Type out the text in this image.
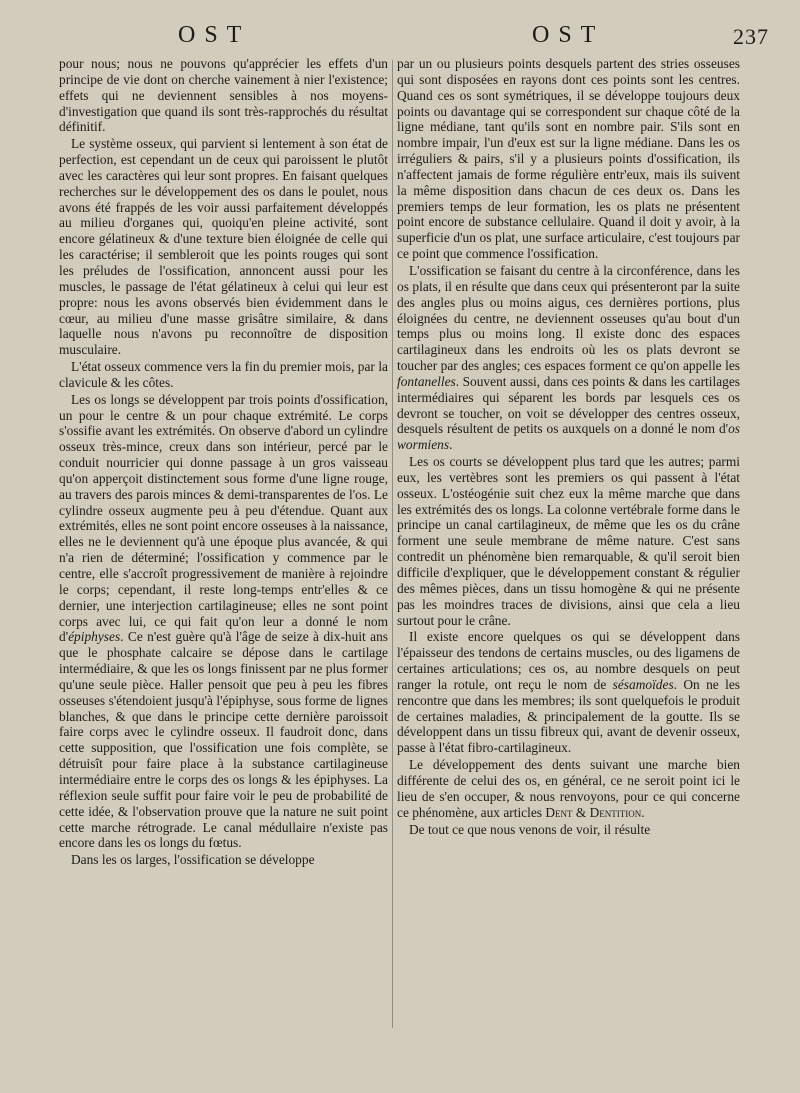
OST	OST	237

pour nous; nous ne pouvons qu'apprécier les effets d'un principe de vie dont on cherche vainement à nier l'existence; effets qui ne deviennent sensibles à nos moyens-d'investigation que quand ils sont très-rapprochés du résultat définitif.

Le système osseux, qui parvient si lentement à son état de perfection, est cependant un de ceux qui paroissent le plutôt avec les caractères qui leur sont propres. En faisant quelques recherches sur le développement des os dans le poulet, nous avons été frappés de les voir aussi parfaitement développés au milieu d'organes qui, quoiqu'en pleine activité, sont encore gélatineux & d'une texture bien éloignée de celle qui les caractérise; il sembleroit que les points rouges qui sont les préludes de l'ossification, annoncent aussi pour les muscles, le passage de l'état gélatineux à celui qui leur est propre: nous les avons observés bien évidemment dans le cœur, au milieu d'une masse grisâtre similaire, & dans laquelle nous n'avons pu reconnoître de disposition musculaire.

L'état osseux commence vers la fin du premier mois, par la clavicule & les côtes.

Les os longs se développent par trois points d'ossification, un pour le centre & un pour chaque extrémité. Le corps s'ossifie avant les extrémités. On observe d'abord un cylindre osseux très-mince, creux dans son intérieur, percé par le conduit nourricier qui donne passage à un gros vaisseau qu'on apperçoit distinctement sous forme d'une ligne rouge, au travers des parois minces & demi-transparentes de l'os. Le cylindre osseux augmente peu à peu d'étendue. Quant aux extrémités, elles ne sont point encore osseuses à la naissance, elles ne le deviennent qu'à une époque plus avancée, & qui n'a rien de déterminé; l'ossification y commence par le centre, elle s'accroît progressivement de manière à rejoindre le corps; cependant, il reste long-temps entr'elles & ce dernier, une interjection cartilagineuse; elles ne sont point corps avec lui, ce qui fait qu'on leur a donné le nom d'épiphyses. Ce n'est guère qu'à l'âge de seize à dix-huit ans que le phosphate calcaire se dépose dans le cartilage intermédiaire, & que les os longs finissent par ne plus former qu'une seule pièce. Haller pensoit que peu à peu les fibres osseuses s'étendoient jusqu'à l'épiphyse, sous forme de lignes blanches, & que dans le principe cette dernière paroissoit faire corps avec le cylindre osseux. Il faudroit donc, dans cette supposition, que l'ossification une fois complète, se détruisît pour faire place à la substance cartilagineuse intermédiaire entre le corps des os longs & les épiphyses. La réflexion seule suffit pour faire voir le peu de probabilité de cette idée, & l'observation prouve que la nature ne suit point cette marche rétrograde. Le canal médullaire n'existe pas encore dans les os longs du fœtus.

Dans les os larges, l'ossification se développe

par un ou plusieurs points desquels partent des stries osseuses qui sont disposées en rayons dont ces points sont les centres. Quand ces os sont symétriques, il se développe toujours deux points ou davantage qui se correspondent sur chaque côté de la ligne médiane, tant qu'ils sont en nombre pair. S'ils sont en nombre impair, l'un d'eux est sur la ligne médiane. Dans les os irréguliers & pairs, s'il y a plusieurs points d'ossification, ils n'affectent jamais de forme régulière entr'eux, mais ils suivent la même disposition dans chacun de ces deux os. Dans les premiers temps de leur formation, les os plats ne présentent point encore de substance cellulaire. Quand il doit y avoir, à la superficie d'un os plat, une surface articulaire, c'est toujours par ce point que commence l'ossification.

L'ossification se faisant du centre à la circonférence, dans les os plats, il en résulte que dans ceux qui présenteront par la suite des angles plus ou moins aigus, ces dernières portions, plus éloignées du centre, ne deviennent osseuses qu'au bout d'un temps plus ou moins long. Il existe donc des espaces cartilagineux dans les endroits où les os plats devront se toucher par des angles; ces espaces forment ce qu'on appelle les fontanelles. Souvent aussi, dans ces points & dans les cartilages intermédiaires qui séparent les bords par lesquels ces os devront se toucher, on voit se développer des centres osseux, desquels résultent de petits os auxquels on a donné le nom d'os wormiens.

Les os courts se développent plus tard que les autres; parmi eux, les vertèbres sont les premiers os qui passent à l'état osseux. L'ostéogénie suit chez eux la même marche que dans les extrémités des os longs. La colonne vertébrale forme dans le principe un canal cartilagineux, de même que les os du crâne forment une seule membrane de même nature. C'est sans contredit un phénomène bien remarquable, & qu'il seroit bien difficile d'expliquer, que le développement constant & régulier des mêmes pièces, dans un tissu homogène & qui ne présente pas les moindres traces de divisions, ainsi que cela a lieu surtout pour le crâne.

Il existe encore quelques os qui se développent dans l'épaisseur des tendons de certains muscles, ou des ligamens de certaines articulations; ces os, au nombre desquels on peut ranger la rotule, ont reçu le nom de sésamoïdes. On ne les rencontre que dans les membres; ils sont quelquefois le produit de certaines maladies, & principalement de la goutte. Ils se développent dans un tissu fibreux qui, avant de devenir osseux, passe à l'état fibro-cartilagineux.

Le développement des dents suivant une marche bien différente de celui des os, en général, ce ne seroit point ici le lieu de s'en occuper, & nous renvoyons, pour ce qui concerne ce phénomène, aux articles Dent & Dentition.

De tout ce que nous venons de voir, il résulte
